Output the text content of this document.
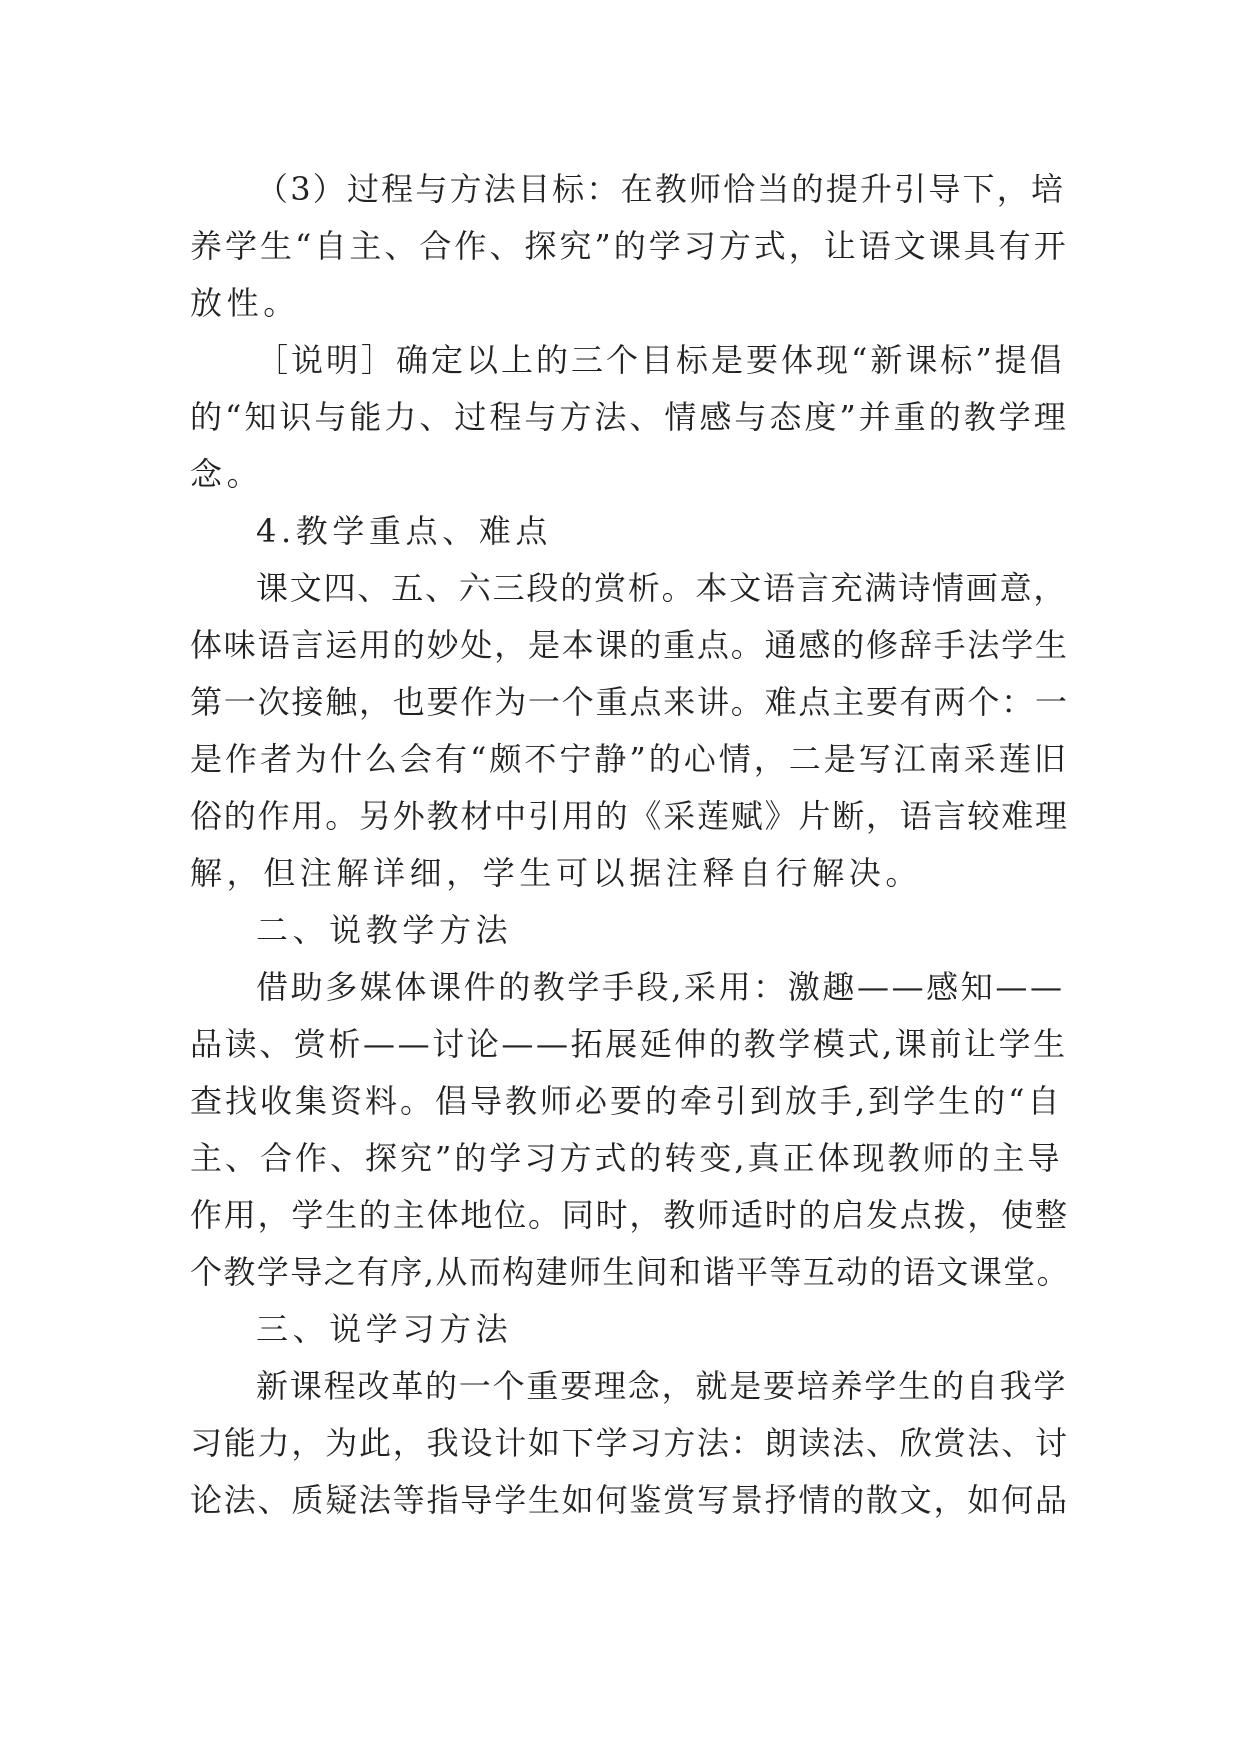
（3）过程与方法目标：在教师恰当的提升引导下，培
养学生“自主、合作、探究”的学习方式，让语文课具有开
放性。
［说明］确定以上的三个目标是要体现“新课标”提倡
的“知识与能力、过程与方法、情感与态度”并重的教学理
念。
4.教学重点、难点
课文四、五、六三段的赏析。本文语言充满诗情画意，
体味语言运用的妙处，是本课的重点。通感的修辞手法学生
第一次接触，也要作为一个重点来讲。难点主要有两个：一
是作者为什么会有“颇不宁静”的心情，二是写江南采莲旧
俗的作用。另外教材中引用的《采莲赋》片断，语言较难理
解，但注解详细，学生可以据注释自行解决。
二、说教学方法
借助多媒体课件的教学手段,采用：激趣——感知——
品读、赏析——讨论——拓展延伸的教学模式,课前让学生
查找收集资料。倡导教师必要的牵引到放手,到学生的“自
主、合作、探究”的学习方式的转变,真正体现教师的主导
作用，学生的主体地位。同时，教师适时的启发点拨，使整
个教学导之有序,从而构建师生间和谐平等互动的语文课堂。
三、说学习方法
新课程改革的一个重要理念，就是要培养学生的自我学
习能力，为此，我设计如下学习方法：朗读法、欣赏法、讨
论法、质疑法等指导学生如何鉴赏写景抒情的散文，如何品
